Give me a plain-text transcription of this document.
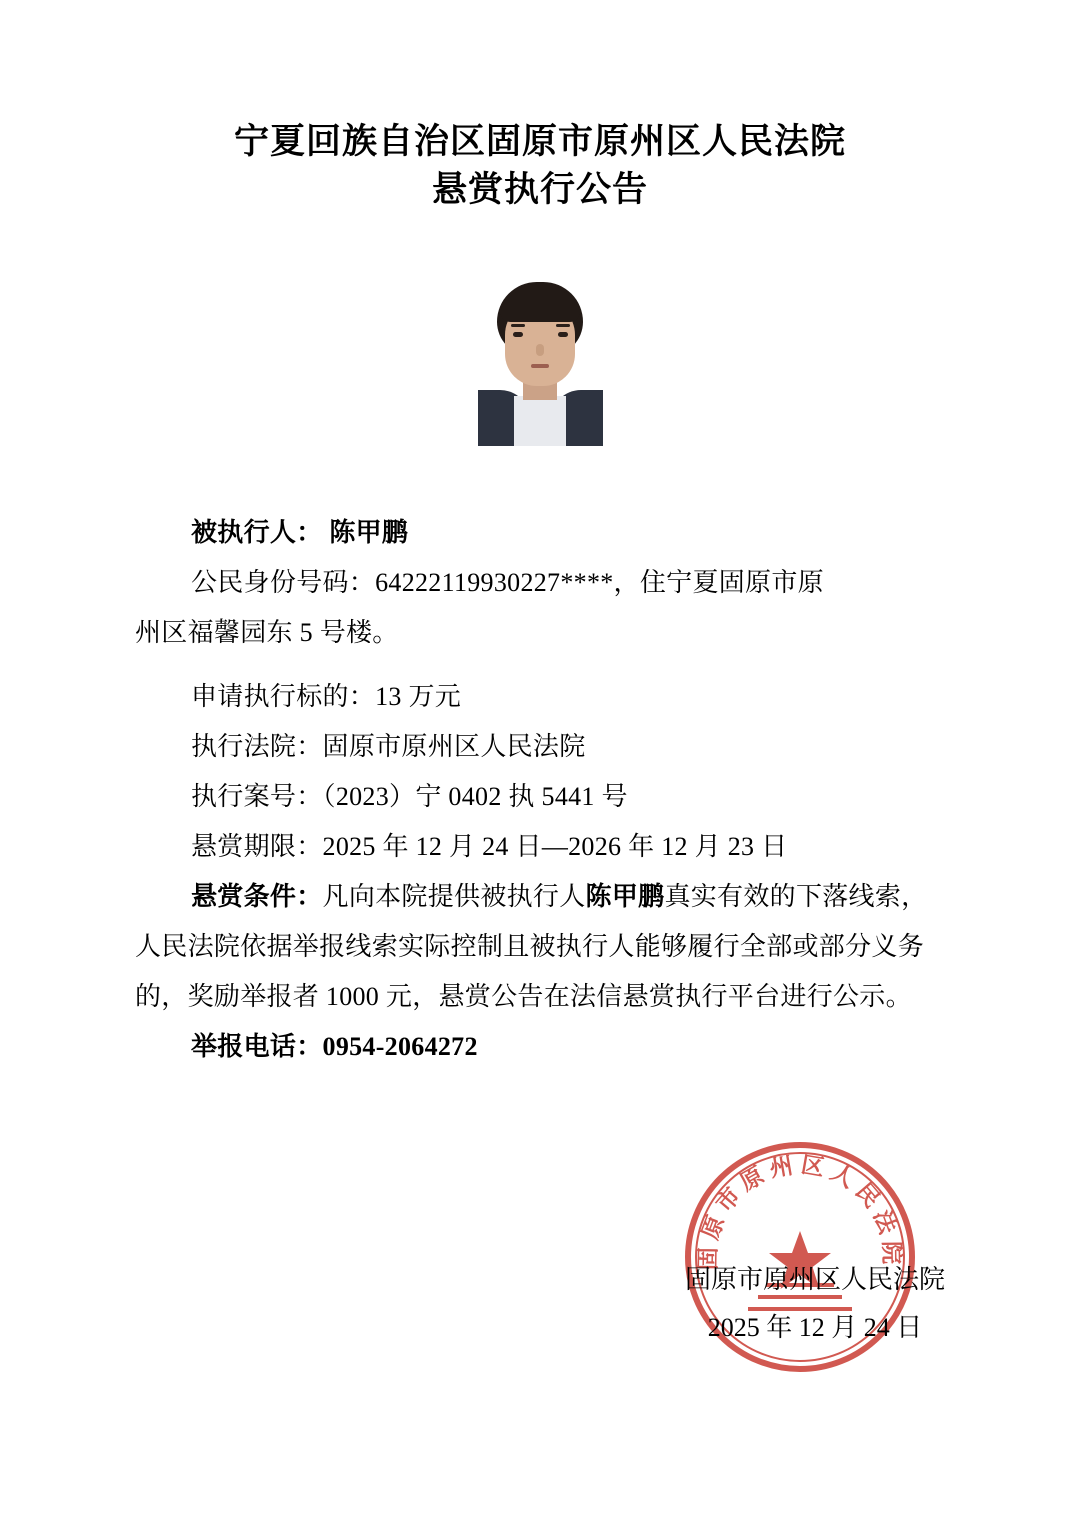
宁夏回族自治区固原市原州区人民法院
悬赏执行公告

被执行人： 陈甲鹏

公民身份号码：64222119930227****，住宁夏固原市原

州区福馨园东 5 号楼。

申请执行标的：13 万元

执行法院：固原市原州区人民法院

执行案号：（2023）宁 0402 执 5441 号

悬赏期限：2025 年 12 月 24 日—2026 年 12 月 23 日

悬赏条件：凡向本院提供被执行人陈甲鹏真实有效的下落线索，人民法院依据举报线索实际控制且被执行人能够履行全部或部分义务的，奖励举报者 1000 元，悬赏公告在法信悬赏执行平台进行公示。

举报电话：0954-2064272

固原市原州区人民法院
固原市原州区人民法院
2025 年 12 月 24 日
